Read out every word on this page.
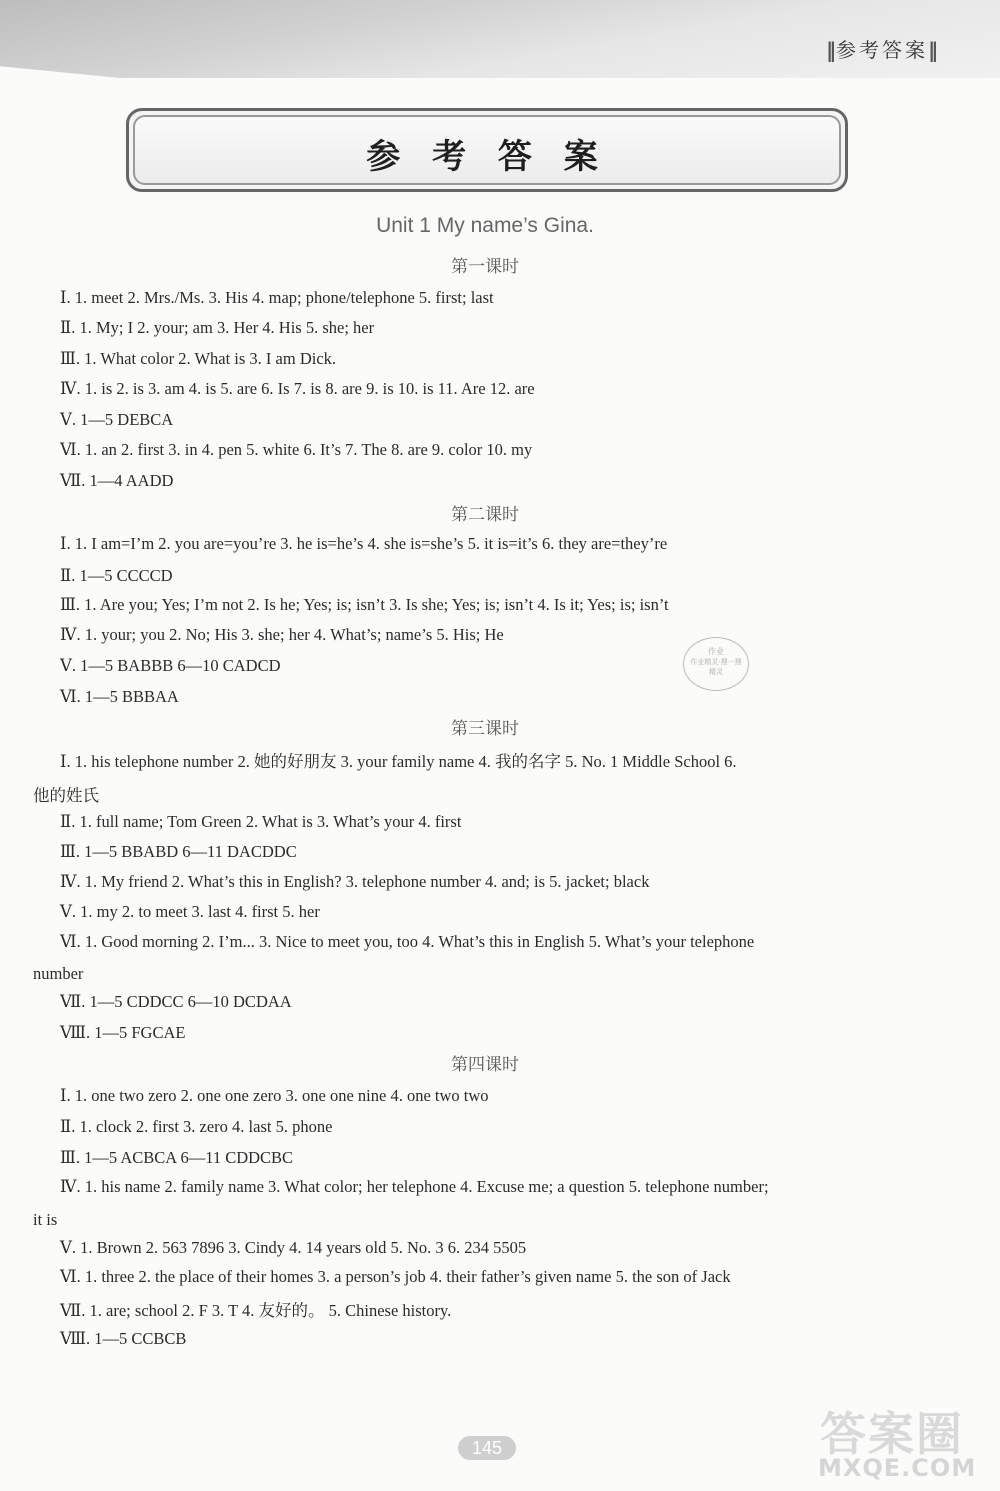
‖参考答案‖
参 考 答 案
Unit 1 My name’s Gina.
第一课时
Ⅰ. 1. meet 2. Mrs./Ms. 3. His 4. map; phone/telephone 5. first; last
Ⅱ. 1. My; I 2. your; am 3. Her 4. His 5. she; her
Ⅲ. 1. What color 2. What is 3. I am Dick.
Ⅳ. 1. is 2. is 3. am 4. is 5. are 6. Is 7. is 8. are 9. is 10. is 11. Are 12. are
Ⅴ. 1—5 DEBCA
Ⅵ. 1. an 2. first 3. in 4. pen 5. white 6. It’s 7. The 8. are 9. color 10. my
Ⅶ. 1—4 AADD
第二课时
Ⅰ. 1. I am=I’m 2. you are=you’re 3. he is=he’s 4. she is=she’s 5. it is=it’s 6. they are=they’re
Ⅱ. 1—5 CCCCD
Ⅲ. 1. Are you; Yes; I’m not 2. Is he; Yes; is; isn’t 3. Is she; Yes; is; isn’t 4. Is it; Yes; is; isn’t
Ⅳ. 1. your; you 2. No; His 3. she; her 4. What’s; name’s 5. His; He
Ⅴ. 1—5 BABBB 6—10 CADCD
Ⅵ. 1—5 BBBAA
作业
作业精灵·搜一搜
精灵
第三课时
Ⅰ. 1. his telephone number 2. 她的好朋友 3. your family name 4. 我的名字 5. No. 1 Middle School 6.
他的姓氏
Ⅱ. 1. full name; Tom Green 2. What is 3. What’s your 4. first
Ⅲ. 1—5 BBABD 6—11 DACDDC
Ⅳ. 1. My friend 2. What’s this in English? 3. telephone number 4. and; is 5. jacket; black
Ⅴ. 1. my 2. to meet 3. last 4. first 5. her
Ⅵ. 1. Good morning 2. I’m... 3. Nice to meet you, too 4. What’s this in English 5. What’s your telephone
number
Ⅶ. 1—5 CDDCC 6—10 DCDAA
Ⅷ. 1—5 FGCAE
第四课时
Ⅰ. 1. one two zero 2. one one zero 3. one one nine 4. one two two
Ⅱ. 1. clock 2. first 3. zero 4. last 5. phone
Ⅲ. 1—5 ACBCA 6—11 CDDCBC
Ⅳ. 1. his name 2. family name 3. What color; her telephone 4. Excuse me; a question 5. telephone number;
it is
Ⅴ. 1. Brown 2. 563 7896 3. Cindy 4. 14 years old 5. No. 3 6. 234 5505
Ⅵ. 1. three 2. the place of their homes 3. a person’s job 4. their father’s given name 5. the son of Jack
Ⅶ. 1. are; school 2. F 3. T 4. 友好的。 5. Chinese history.
Ⅷ. 1—5 CCBCB
145	答案圈
MXQE.COM
